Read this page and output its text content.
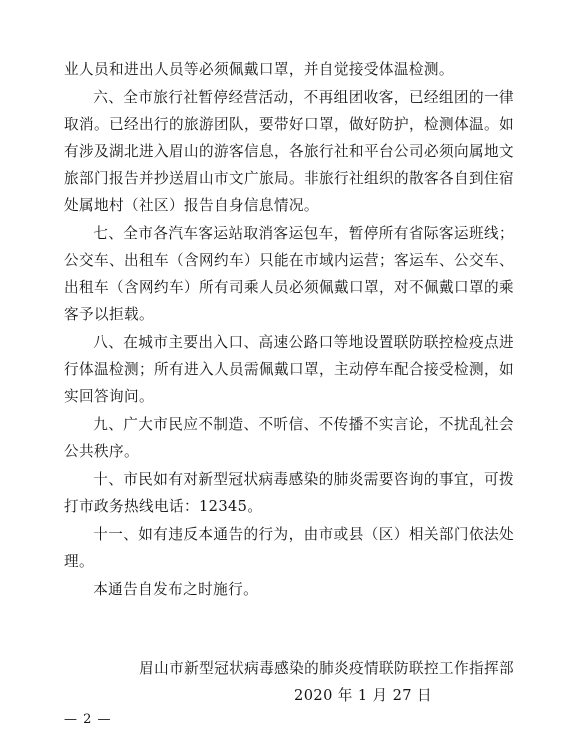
业人员和进出人员等必须佩戴口罩，并自觉接受体温检测。

六、全市旅行社暂停经营活动，不再组团收客，已经组团的一律取消。已经出行的旅游团队，要带好口罩，做好防护，检测体温。如有涉及湖北进入眉山的游客信息，各旅行社和平台公司必须向属地文旅部门报告并抄送眉山市文广旅局。非旅行社组织的散客各自到住宿处属地村（社区）报告自身信息情况。

七、全市各汽车客运站取消客运包车，暂停所有省际客运班线；公交车、出租车（含网约车）只能在市域内运营；客运车、公交车、出租车（含网约车）所有司乘人员必须佩戴口罩，对不佩戴口罩的乘客予以拒载。

八、在城市主要出入口、高速公路口等地设置联防联控检疫点进行体温检测；所有进入人员需佩戴口罩，主动停车配合接受检测，如实回答询问。

九、广大市民应不制造、不听信、不传播不实言论，不扰乱社会公共秩序。

十、市民如有对新型冠状病毒感染的肺炎需要咨询的事宜，可拨打市政务热线电话：12345。

十一、如有违反本通告的行为，由市或县（区）相关部门依法处理。

本通告自发布之时施行。

眉山市新型冠状病毒感染的肺炎疫情联防联控工作指挥部
2020 年 1 月 27 日
— 2 —
